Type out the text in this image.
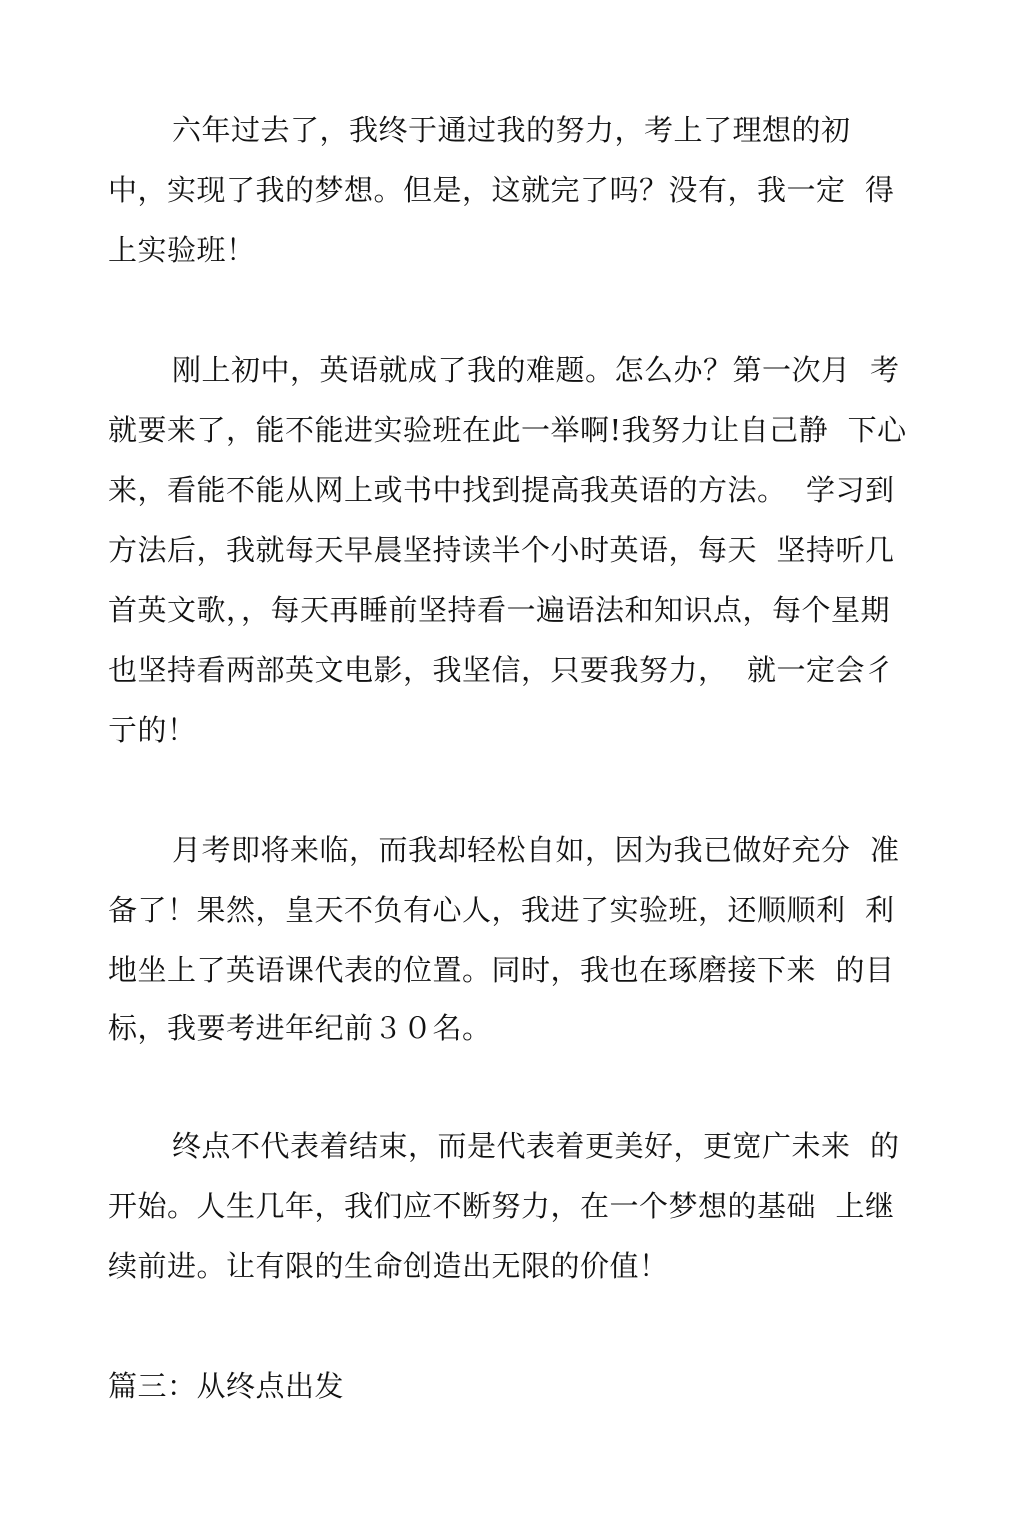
六年过去了，我终于通过我的努力，考上了理想的初
中，实现了我的梦想。但是，这就完了吗？没有，我一定  得
上实验班！
刚上初中，英语就成了我的难题。怎么办？第一次月  考
就要来了，能不能进实验班在此一举啊!我努力让自己静  下心
来，看能不能从网上或书中找到提高我英语的方法。  学习到
方法后，我就每天早晨坚持读半个小时英语，每天  坚持听几
首英文歌，，每天再睡前坚持看一遍语法和知识点，每个星期
也坚持看两部英文电影，我坚信，只要我努力，  就一定会彳
亍的！
月考即将来临，而我却轻松自如，因为我已做好充分  准
备了！果然，皇天不负有心人，我进了实验班，还顺顺利  利
地坐上了英语课代表的位置。同时，我也在琢磨接下来  的目
标，我要考进年纪前３０名。
终点不代表着结束，而是代表着更美好，更宽广未来  的
开始。人生几年，我们应不断努力，在一个梦想的基础  上继
续前进。让有限的生命创造出无限的价值！
篇三：从终点出发
